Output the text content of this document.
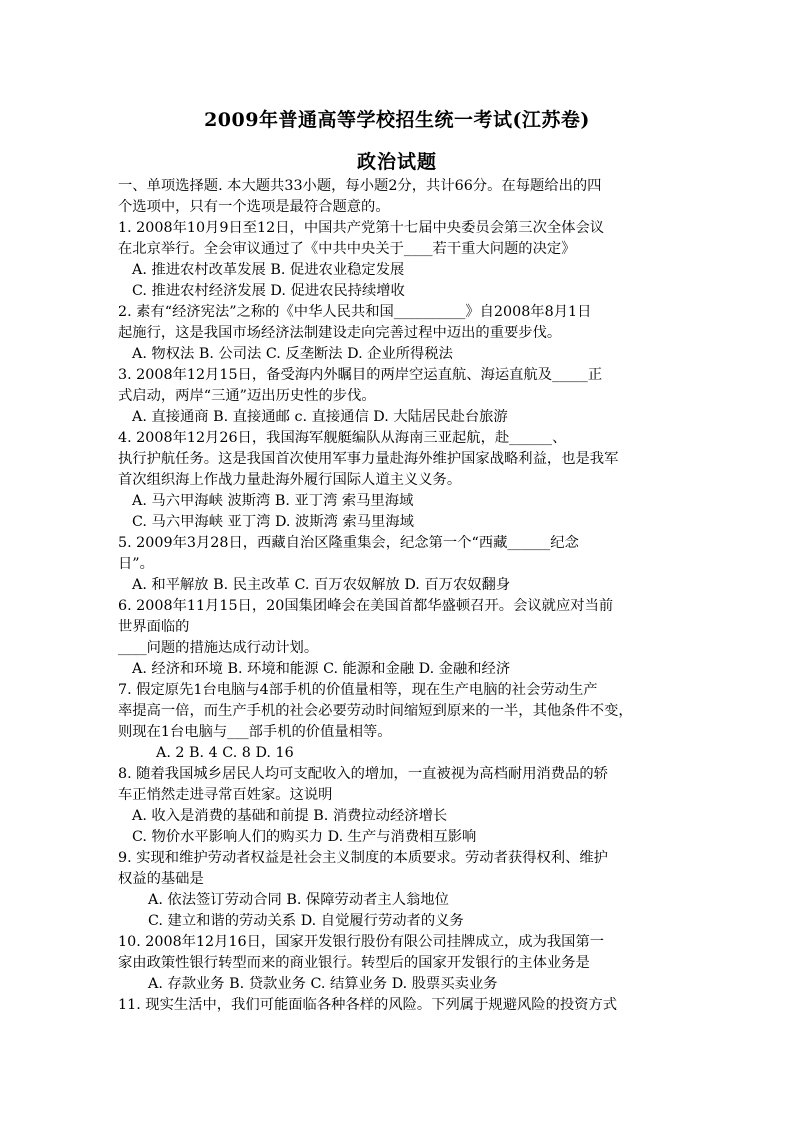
2009年普通高等学校招生统一考试(江苏卷)
政治试题

一、单项选择题. 本大题共33小题，每小题2分，共计66分。在每题给出的四

个选项中，只有一个选项是最符合题意的。

1. 2008年10月9日至12日，中国共产党第十七届中央委员会第三次全体会议

在北京举行。全会审议通过了《中共中央关于____若干重大问题的决定》

A. 推进农村改革发展 B. 促进农业稳定发展

C. 推进农村经济发展 D. 促进农民持续增收

2. 素有“经济宪法”之称的《中华人民共和国__________》自2008年8月1日

起施行，这是我国市场经济法制建设走向完善过程中迈出的重要步伐。

A. 物权法 B. 公司法 C. 反垄断法 D. 企业所得税法

3. 2008年12月15日，备受海内外瞩目的两岸空运直航、海运直航及_____正

式启动，两岸“三通”迈出历史性的步伐。

A. 直接通商 B. 直接通邮 c. 直接通信 D. 大陆居民赴台旅游

4. 2008年12月26日，我国海军舰艇编队从海南三亚起航，赴______、

执行护航任务。这是我国首次使用军事力量赴海外维护国家战略利益，也是我军

首次组织海上作战力量赴海外履行国际人道主义义务。

A. 马六甲海峡 波斯湾 B. 亚丁湾 索马里海域

C. 马六甲海峡 亚丁湾 D. 波斯湾 索马里海域

5. 2009年3月28日，西藏自治区隆重集会，纪念第一个“西藏______纪念

日”。

A. 和平解放 B. 民主改革 C. 百万农奴解放 D. 百万农奴翻身

6. 2008年11月15日，20国集团峰会在美国首都华盛顿召开。会议就应对当前

世界面临的

____问题的措施达成行动计划。

A. 经济和环境 B. 环境和能源 C. 能源和金融 D. 金融和经济

7. 假定原先1台电脑与4部手机的价值量相等，现在生产电脑的社会劳动生产

率提高一倍，而生产手机的社会必要劳动时间缩短到原来的一半，其他条件不变，

则现在1台电脑与___部手机的价值量相等。

A. 2 B. 4 C. 8 D. 16

8. 随着我国城乡居民人均可支配收入的增加，一直被视为高档耐用消费品的轿

车正悄然走进寻常百姓家。这说明

A. 收入是消费的基础和前提 B. 消费拉动经济增长

C. 物价水平影响人们的购买力 D. 生产与消费相互影响

9. 实现和维护劳动者权益是社会主义制度的本质要求。劳动者获得权利、维护

权益的基础是

A. 依法签订劳动合同 B. 保障劳动者主人翁地位

C. 建立和谐的劳动关系 D. 自觉履行劳动者的义务

10. 2008年12月16日，国家开发银行股份有限公司挂牌成立，成为我国第一

家由政策性银行转型而来的商业银行。转型后的国家开发银行的主体业务是

A. 存款业务 B. 贷款业务 C. 结算业务 D. 股票买卖业务

11. 现实生活中，我们可能面临各种各样的风险。下列属于规避风险的投资方式
